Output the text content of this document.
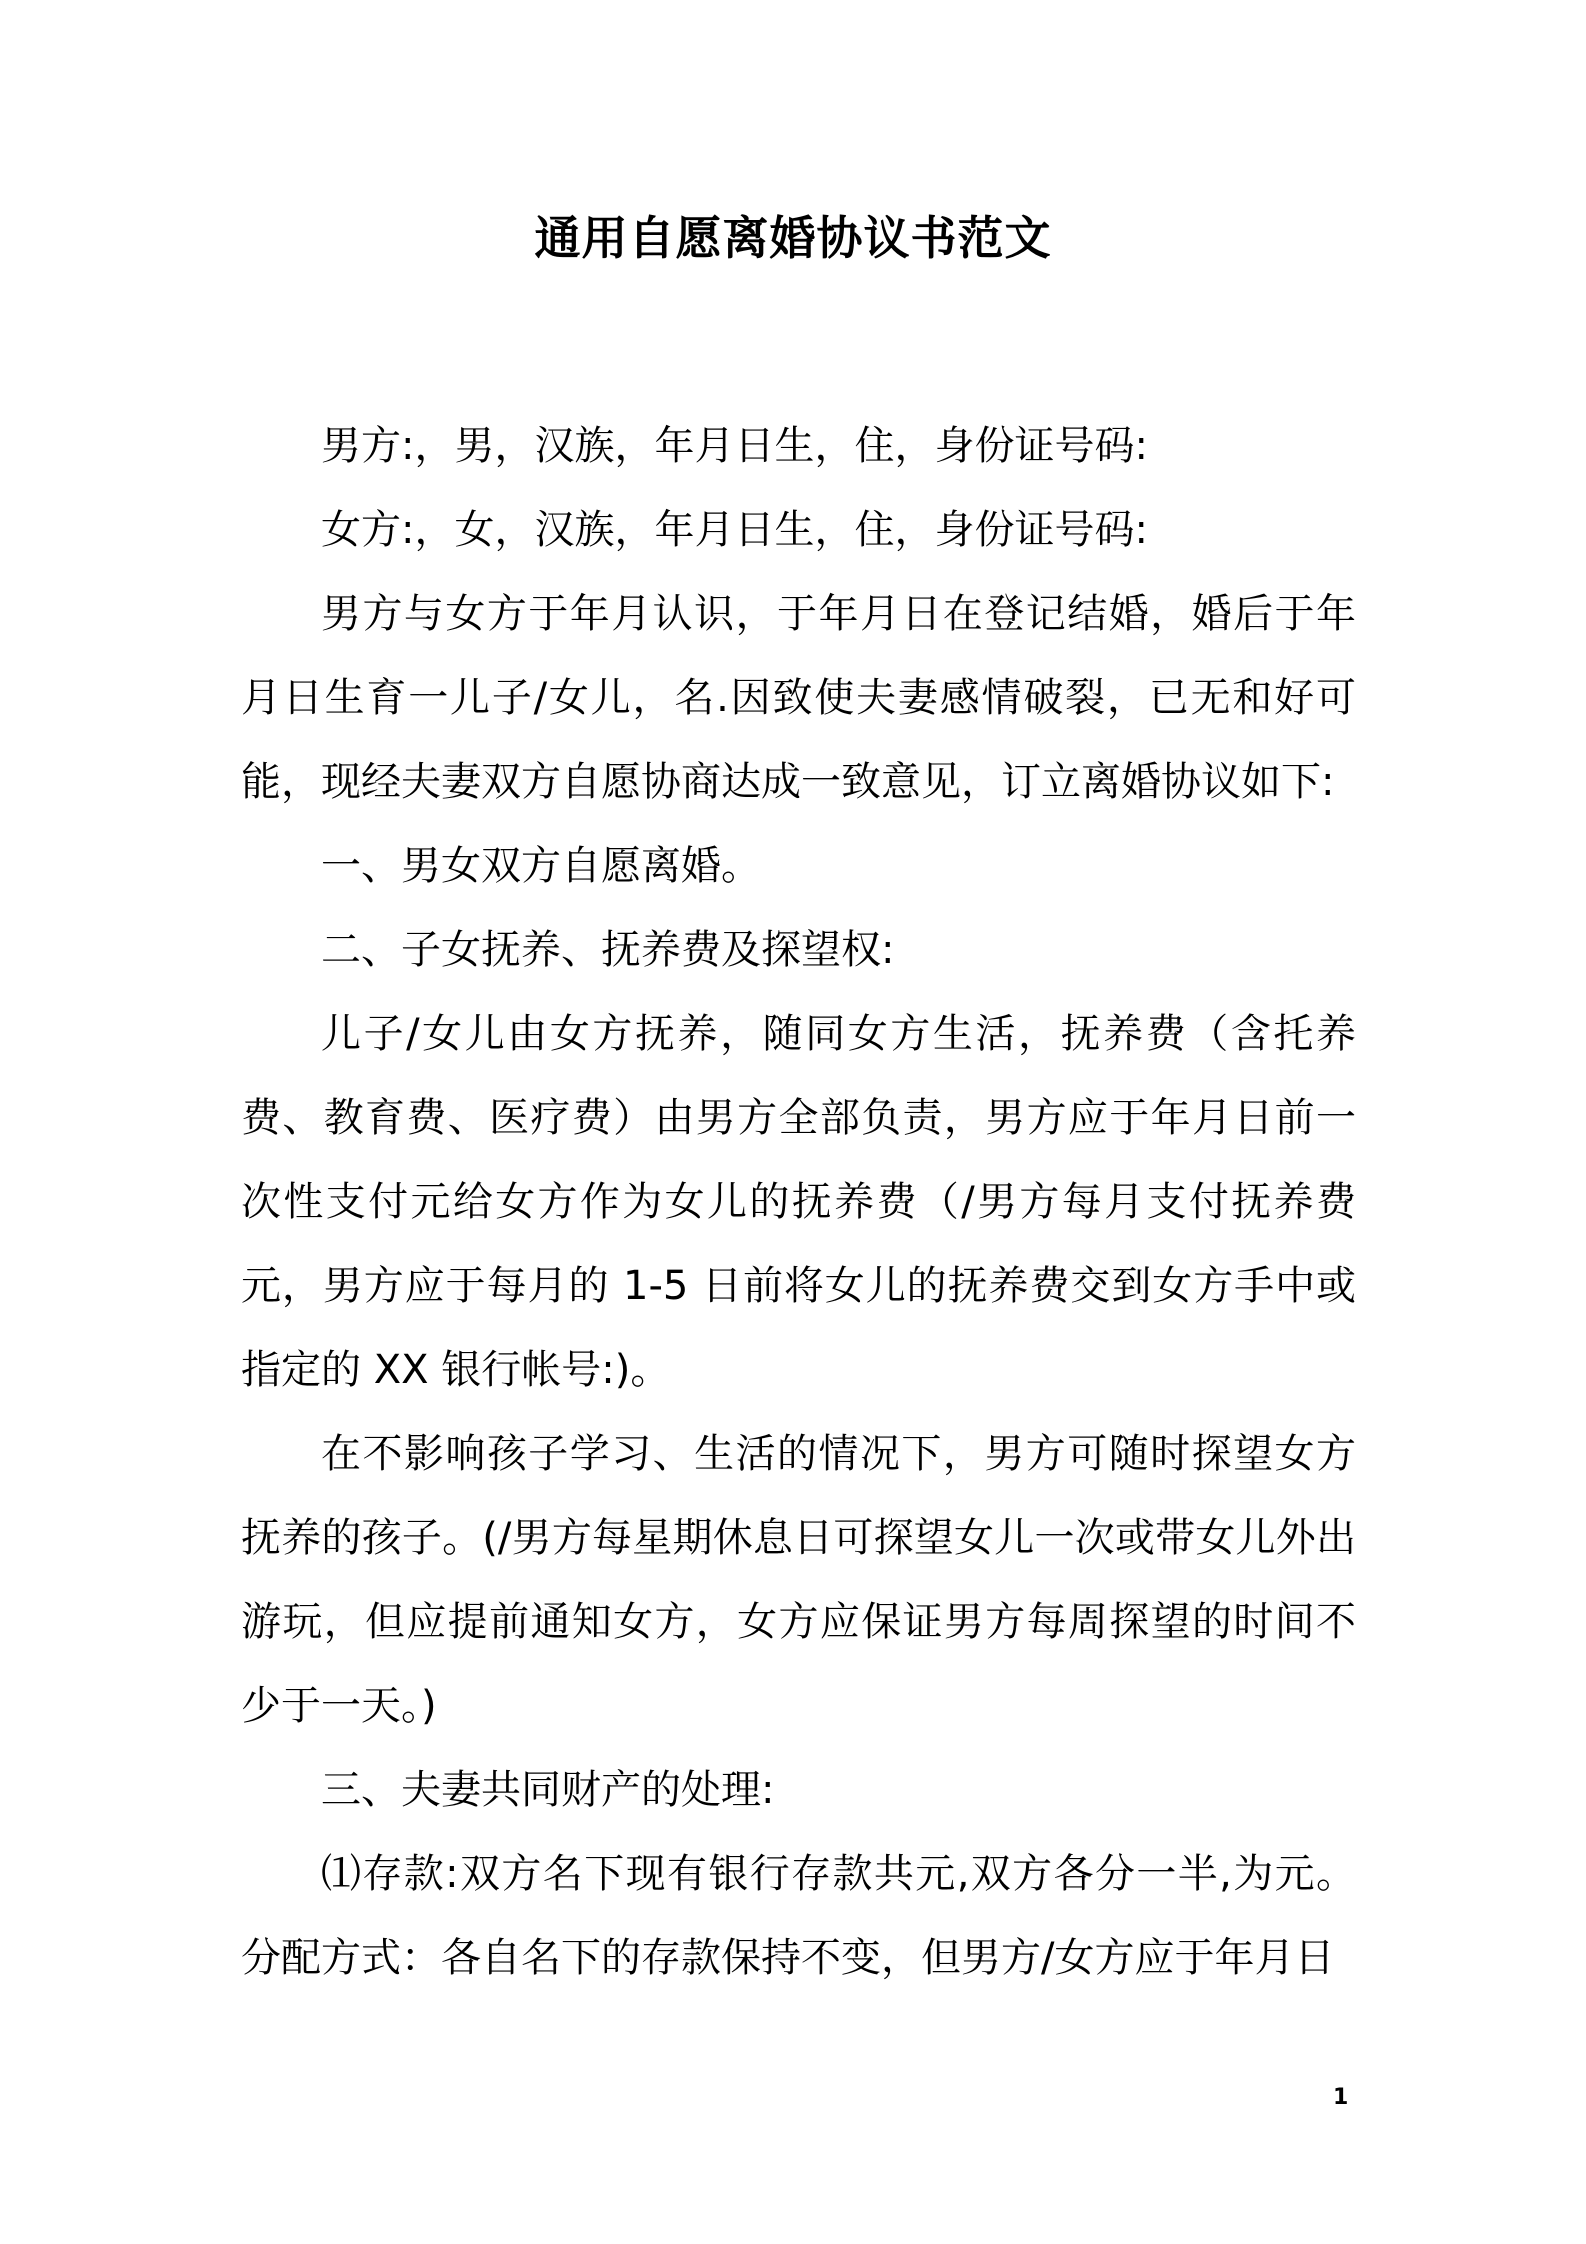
通用自愿离婚协议书范文

男方:，男，汉族，年月日生，住，身份证号码:

女方:，女，汉族，年月日生，住，身份证号码:

男方与女方于年月认识，于年月日在登记结婚，婚后于年月日生育一儿子/女儿，名.因致使夫妻感情破裂，已无和好可能，现经夫妻双方自愿协商达成一致意见，订立离婚协议如下:

一、男女双方自愿离婚。

二、子女抚养、抚养费及探望权:

儿子/女儿由女方抚养，随同女方生活，抚养费（含托养费、教育费、医疗费）由男方全部负责，男方应于年月日前一次性支付元给女方作为女儿的抚养费（/男方每月支付抚养费元，男方应于每月的 1-5 日前将女儿的抚养费交到女方手中或指定的 XX 银行帐号:)。

在不影响孩子学习、生活的情况下，男方可随时探望女方抚养的孩子。(/男方每星期休息日可探望女儿一次或带女儿外出游玩，但应提前通知女方，女方应保证男方每周探望的时间不少于一天。)

三、夫妻共同财产的处理:

⑴存款:双方名下现有银行存款共元,双方各分一半,为元。分配方式：各自名下的存款保持不变，但男方/女方应于年月日

1
